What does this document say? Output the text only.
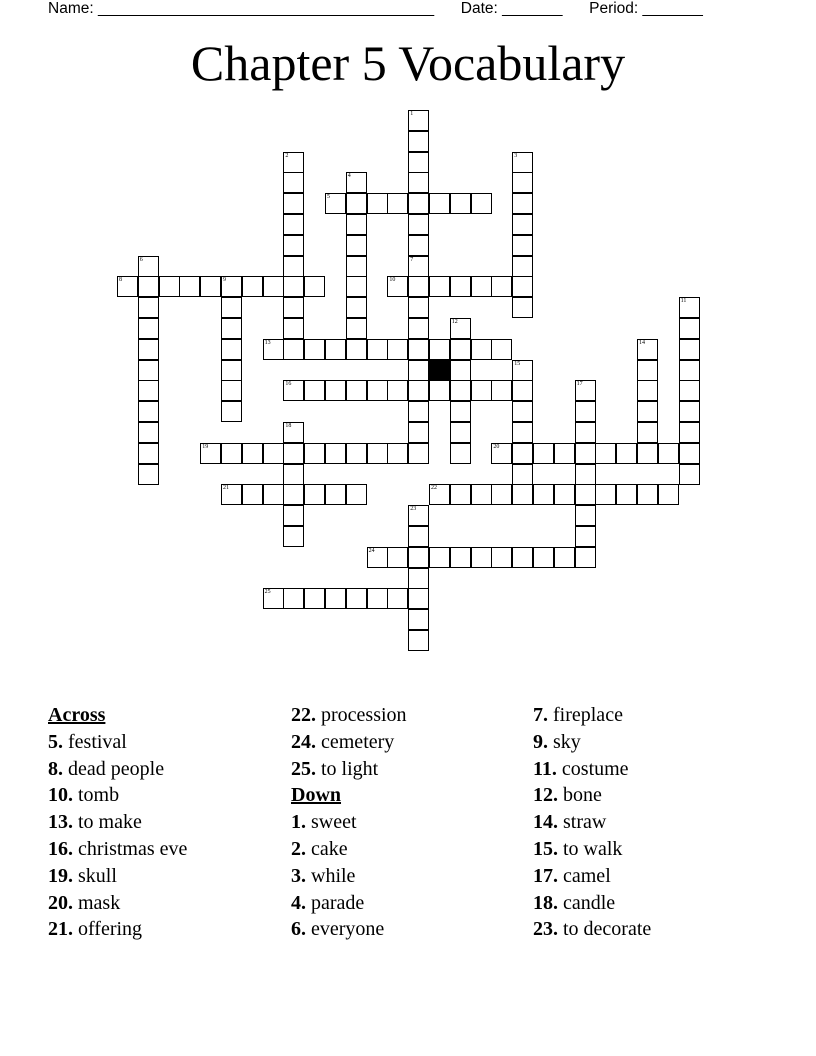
Name: _______________________________________ Date: _______ Period: _______
Chapter 5 Vocabulary
1
7
2	3
4
5
6
8	9	10
11
12
13	14
15
16	17
18
19	20
21	22
23
24
25
Across
5. festival
8. dead people
10. tomb
13. to make
16. christmas eve
19. skull
20. mask
21. offering
22. procession
24. cemetery
25. to light
Down
1. sweet
2. cake
3. while
4. parade
6. everyone
7. fireplace
9. sky
11. costume
12. bone
14. straw
15. to walk
17. camel
18. candle
23. to decorate
